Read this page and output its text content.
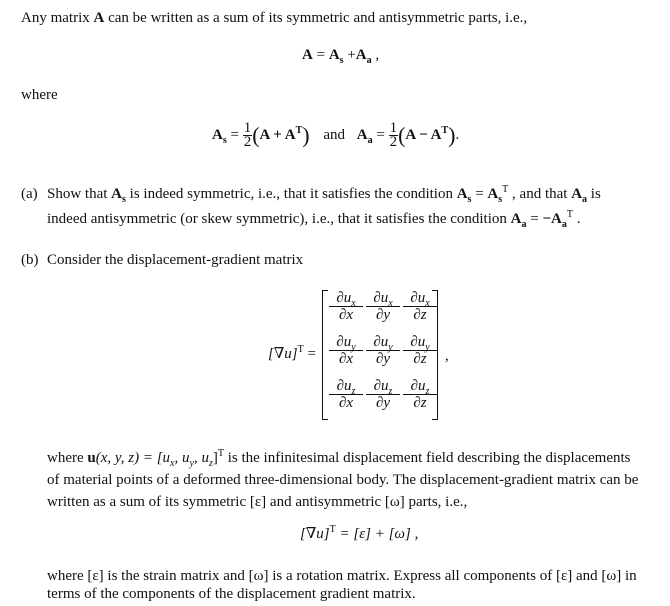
Any matrix A can be written as a sum of its symmetric and antisymmetric parts, i.e.,
$A = A_s +A_a$ ,
where
$A_s = \frac{1}{2} (A + A^T)$ and $A_a = \frac{1}{2} (A - A^T)$.
(a) Show that $A_s$ is indeed symmetric, i.e., that it satisfies the condition $A_s = A_s^T$ , and that $A_a$ is
indeed antisymmetric (or skew symmetric), i.e., that it satisfies the condition $A_a = -A_a^T$ .
(b) Consider the displacement-gradient matrix
$[\nabla u]^T$ =
$\partial u_x$
∂x
$\partial u_x$
∂y
$\partial u_x$
∂z
$\partial u_y$
∂x
$\partial u_y$
∂y
$\partial u_y$
∂z
$\partial u_z$
∂x
$\partial u_z$
∂y
$\partial u_z$
∂z
,
where u(x, y, $z) = [u_x$, $u_y$, $u_z]^T$ is the infinitesimal displacement field describing the displacements
of material points of a deformed three-dimensional body. The displacement-gradient matrix can be
written as a sum of its symmetric [ε] and antisymmetric [ω] parts, i.e.,
$[\nabla u]^T = [\varepsilon] + [\omega]$ ,
where [ε] is the strain matrix and [ω] is a rotation matrix. Express all components of [ε] and [ω] in
terms of the components of the displacement gradient matrix.
